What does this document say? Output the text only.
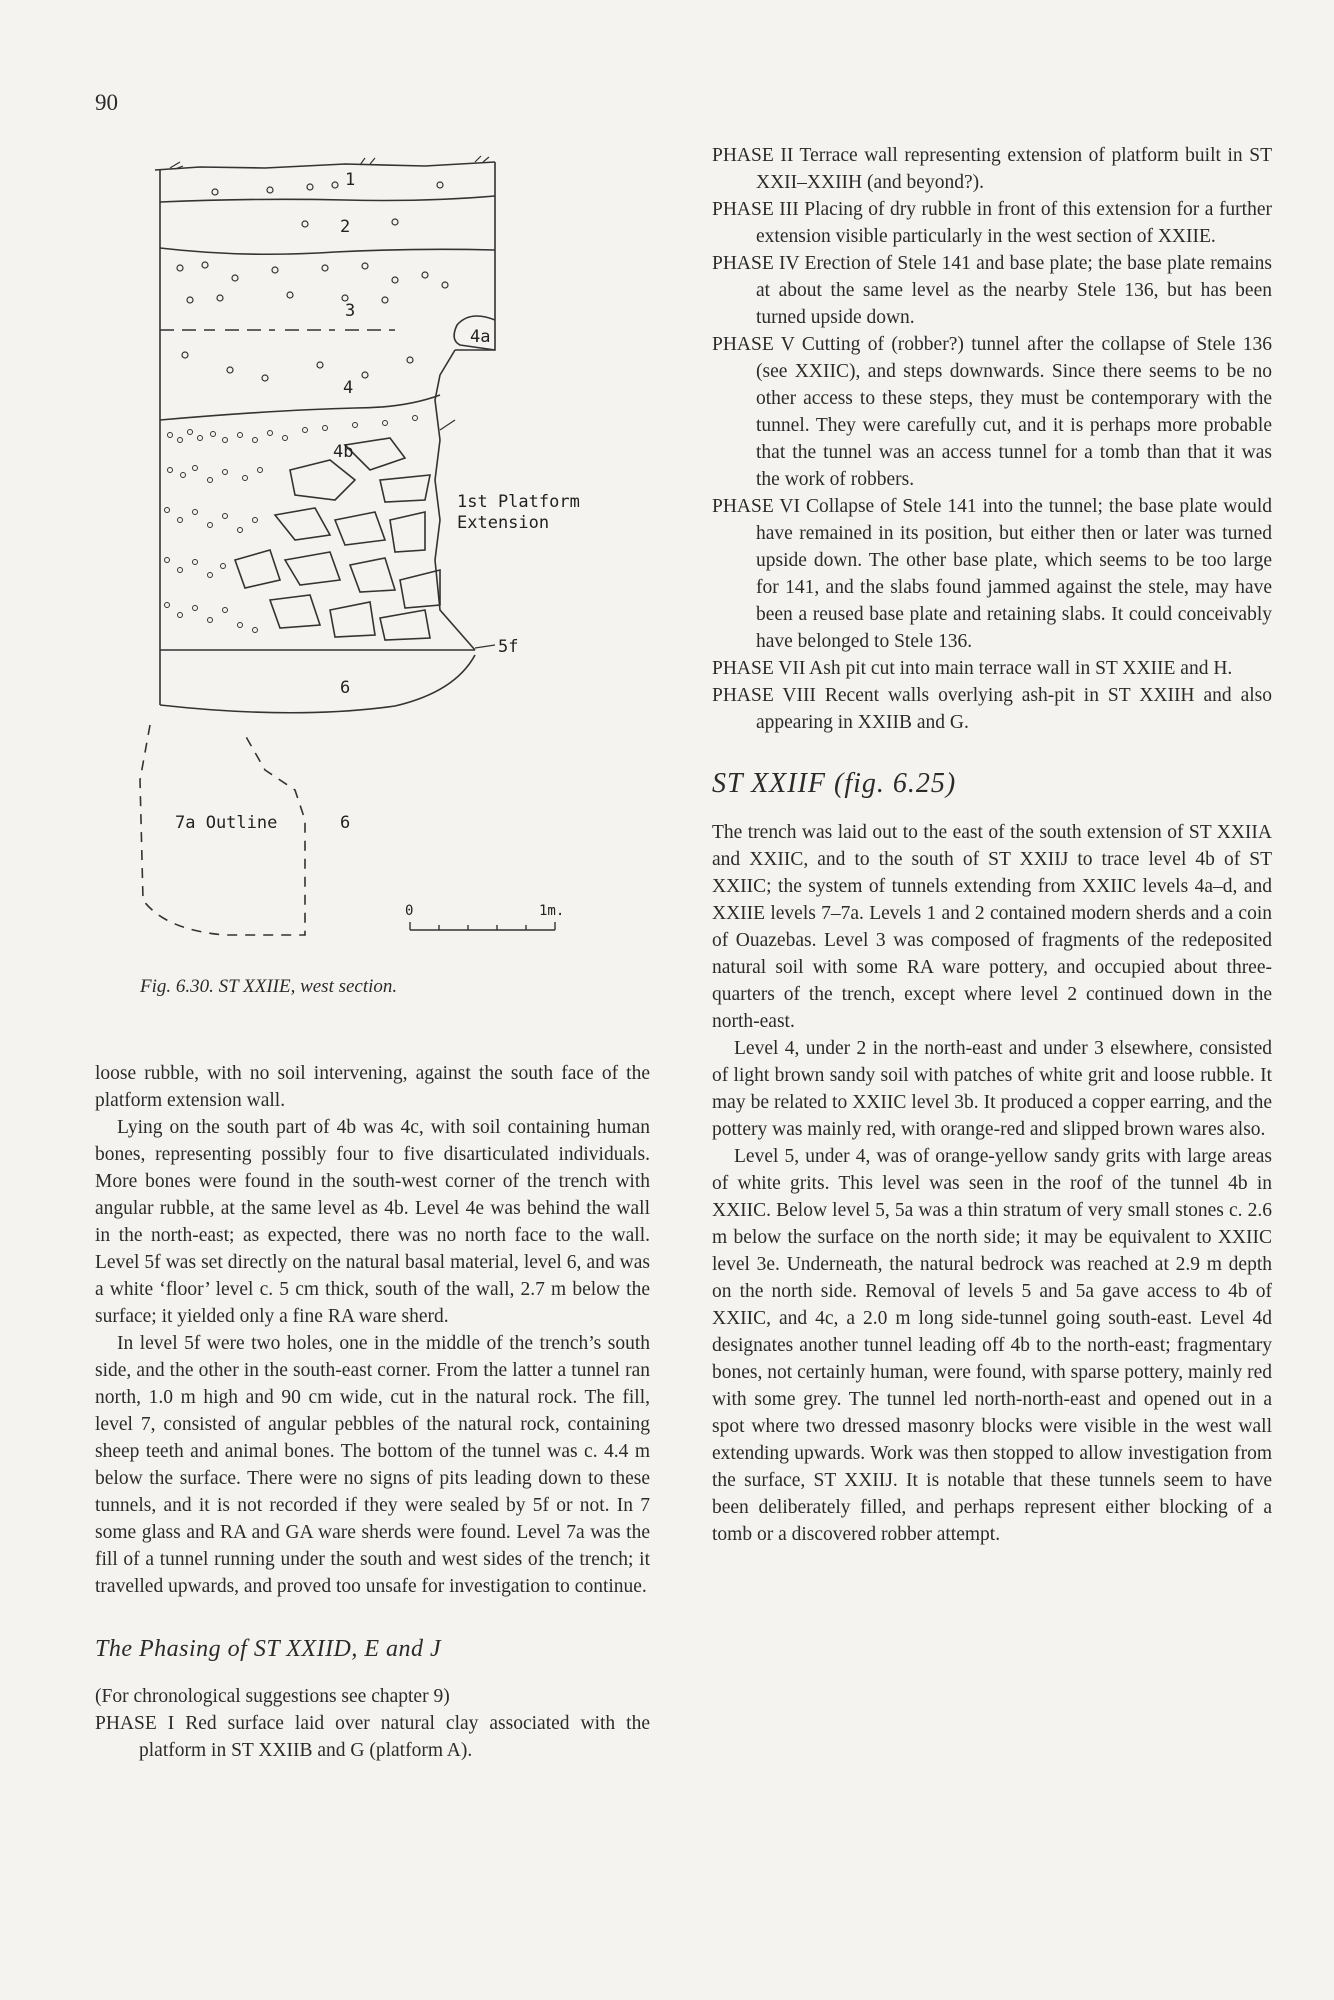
90
1
2
3
4
4a
4b
5f
6
6
7a Outline
1st Platform
Extension
0	1m.
Fig. 6.30. ST XXIIE, west section.

loose rubble, with no soil intervening, against the south face of the platform extension wall.

Lying on the south part of 4b was 4c, with soil containing human bones, representing possibly four to five disarticulated individuals. More bones were found in the south-west corner of the trench with angular rubble, at the same level as 4b. Level 4e was behind the wall in the north-east; as expected, there was no north face to the wall. Level 5f was set directly on the natural basal material, level 6, and was a white ‘floor’ level c. 5 cm thick, south of the wall, 2.7 m below the surface; it yielded only a fine RA ware sherd.

In level 5f were two holes, one in the middle of the trench’s south side, and the other in the south-east corner. From the latter a tunnel ran north, 1.0 m high and 90 cm wide, cut in the natural rock. The fill, level 7, consisted of angular pebbles of the natural rock, containing sheep teeth and animal bones. The bottom of the tunnel was c. 4.4 m below the surface. There were no signs of pits leading down to these tunnels, and it is not recorded if they were sealed by 5f or not. In 7 some glass and RA and GA ware sherds were found. Level 7a was the fill of a tunnel running under the south and west sides of the trench; it travelled upwards, and proved too unsafe for investigation to continue.

The Phasing of ST XXIID, E and J

(For chronological suggestions see chapter 9)

PHASE I Red surface laid over natural clay associated with the platform in ST XXIIB and G (platform A).

PHASE II Terrace wall representing extension of platform built in ST XXII–XXIIH (and beyond?).

PHASE III Placing of dry rubble in front of this extension for a further extension visible particularly in the west section of XXIIE.

PHASE IV Erection of Stele 141 and base plate; the base plate remains at about the same level as the nearby Stele 136, but has been turned upside down.

PHASE V Cutting of (robber?) tunnel after the collapse of Stele 136 (see XXIIC), and steps downwards. Since there seems to be no other access to these steps, they must be contemporary with the tunnel. They were carefully cut, and it is perhaps more probable that the tunnel was an access tunnel for a tomb than that it was the work of robbers.

PHASE VI Collapse of Stele 141 into the tunnel; the base plate would have remained in its position, but either then or later was turned upside down. The other base plate, which seems to be too large for 141, and the slabs found jammed against the stele, may have been a reused base plate and retaining slabs. It could conceivably have belonged to Stele 136.

PHASE VII Ash pit cut into main terrace wall in ST XXIIE and H.

PHASE VIII Recent walls overlying ash-pit in ST XXIIH and also appearing in XXIIB and G.

ST XXIIF (fig. 6.25)

The trench was laid out to the east of the south extension of ST XXIIA and XXIIC, and to the south of ST XXIIJ to trace level 4b of ST XXIIC; the system of tunnels extending from XXIIC levels 4a–d, and XXIIE levels 7–7a. Levels 1 and 2 contained modern sherds and a coin of Ouazebas. Level 3 was composed of fragments of the redeposited natural soil with some RA ware pottery, and occupied about three-quarters of the trench, except where level 2 continued down in the north-east.

Level 4, under 2 in the north-east and under 3 elsewhere, consisted of light brown sandy soil with patches of white grit and loose rubble. It may be related to XXIIC level 3b. It produced a copper earring, and the pottery was mainly red, with orange-red and slipped brown wares also.

Level 5, under 4, was of orange-yellow sandy grits with large areas of white grits. This level was seen in the roof of the tunnel 4b in XXIIC. Below level 5, 5a was a thin stratum of very small stones c. 2.6 m below the surface on the north side; it may be equivalent to XXIIC level 3e. Underneath, the natural bedrock was reached at 2.9 m depth on the north side. Removal of levels 5 and 5a gave access to 4b of XXIIC, and 4c, a 2.0 m long side-tunnel going south-east. Level 4d designates another tunnel leading off 4b to the north-east; fragmentary bones, not certainly human, were found, with sparse pottery, mainly red with some grey. The tunnel led north-north-east and opened out in a spot where two dressed masonry blocks were visible in the west wall extending upwards. Work was then stopped to allow investigation from the surface, ST XXIIJ. It is notable that these tunnels seem to have been deliberately filled, and perhaps represent either blocking of a tomb or a discovered robber attempt.
